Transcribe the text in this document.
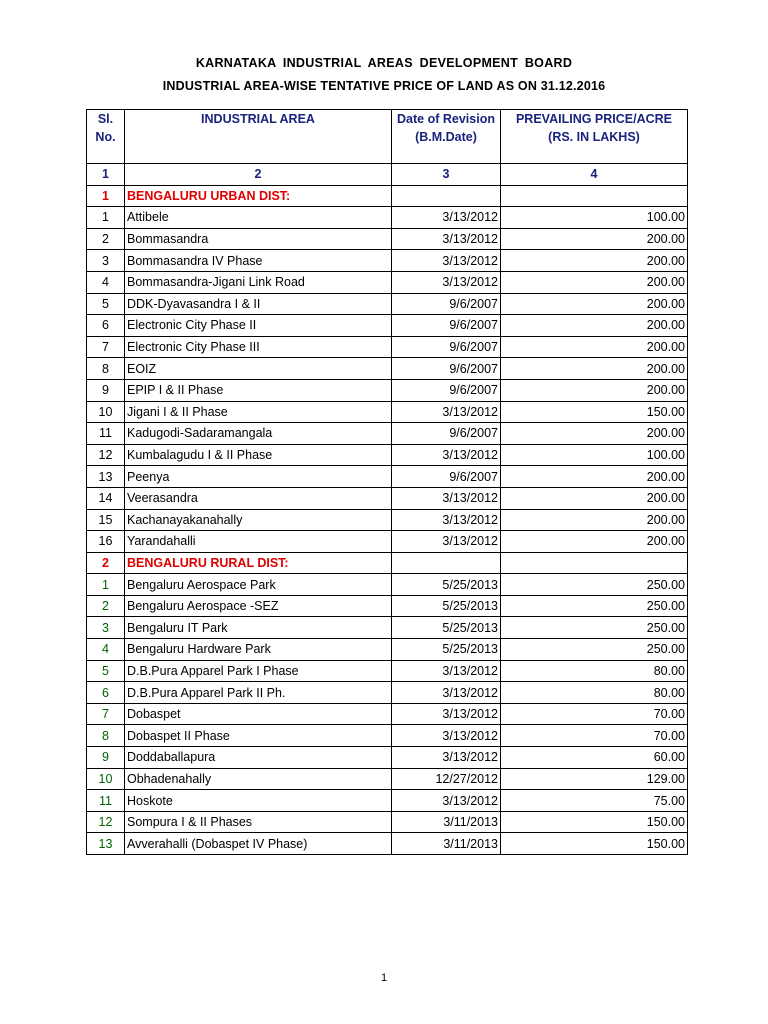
KARNATAKA INDUSTRIAL AREAS DEVELOPMENT BOARD
INDUSTRIAL AREA-WISE TENTATIVE PRICE OF LAND AS ON 31.12.2016
Sl. No.	INDUSTRIAL AREA	Date of Revision (B.M.Date)	PREVAILING PRICE/ACRE (RS. IN LAKHS)
1	2	3	4
1	BENGALURU URBAN DIST:		
1	Attibele	3/13/2012	100.00
2	Bommasandra	3/13/2012	200.00
3	Bommasandra IV Phase	3/13/2012	200.00
4	Bommasandra-Jigani Link Road	3/13/2012	200.00
5	DDK-Dyavasandra I & II	9/6/2007	200.00
6	Electronic City Phase II	9/6/2007	200.00
7	Electronic City Phase III	9/6/2007	200.00
8	EOIZ	9/6/2007	200.00
9	EPIP I & II Phase	9/6/2007	200.00
10	Jigani I & II Phase	3/13/2012	150.00
11	Kadugodi-Sadaramangala	9/6/2007	200.00
12	Kumbalagudu I & II Phase	3/13/2012	100.00
13	Peenya	9/6/2007	200.00
14	Veerasandra	3/13/2012	200.00
15	Kachanayakanahally	3/13/2012	200.00
16	Yarandahalli	3/13/2012	200.00
2	BENGALURU RURAL DIST:		
1	Bengaluru Aerospace Park	5/25/2013	250.00
2	Bengaluru Aerospace -SEZ	5/25/2013	250.00
3	Bengaluru IT Park	5/25/2013	250.00
4	Bengaluru Hardware Park	5/25/2013	250.00
5	D.B.Pura Apparel Park I Phase	3/13/2012	80.00
6	D.B.Pura Apparel Park II Ph.	3/13/2012	80.00
7	Dobaspet	3/13/2012	70.00
8	Dobaspet II Phase	3/13/2012	70.00
9	Doddaballapura	3/13/2012	60.00
10	Obhadenahally	12/27/2012	129.00
11	Hoskote	3/13/2012	75.00
12	Sompura I & II Phases	3/11/2013	150.00
13	Avverahalli (Dobaspet IV Phase)	3/11/2013	150.00
1
